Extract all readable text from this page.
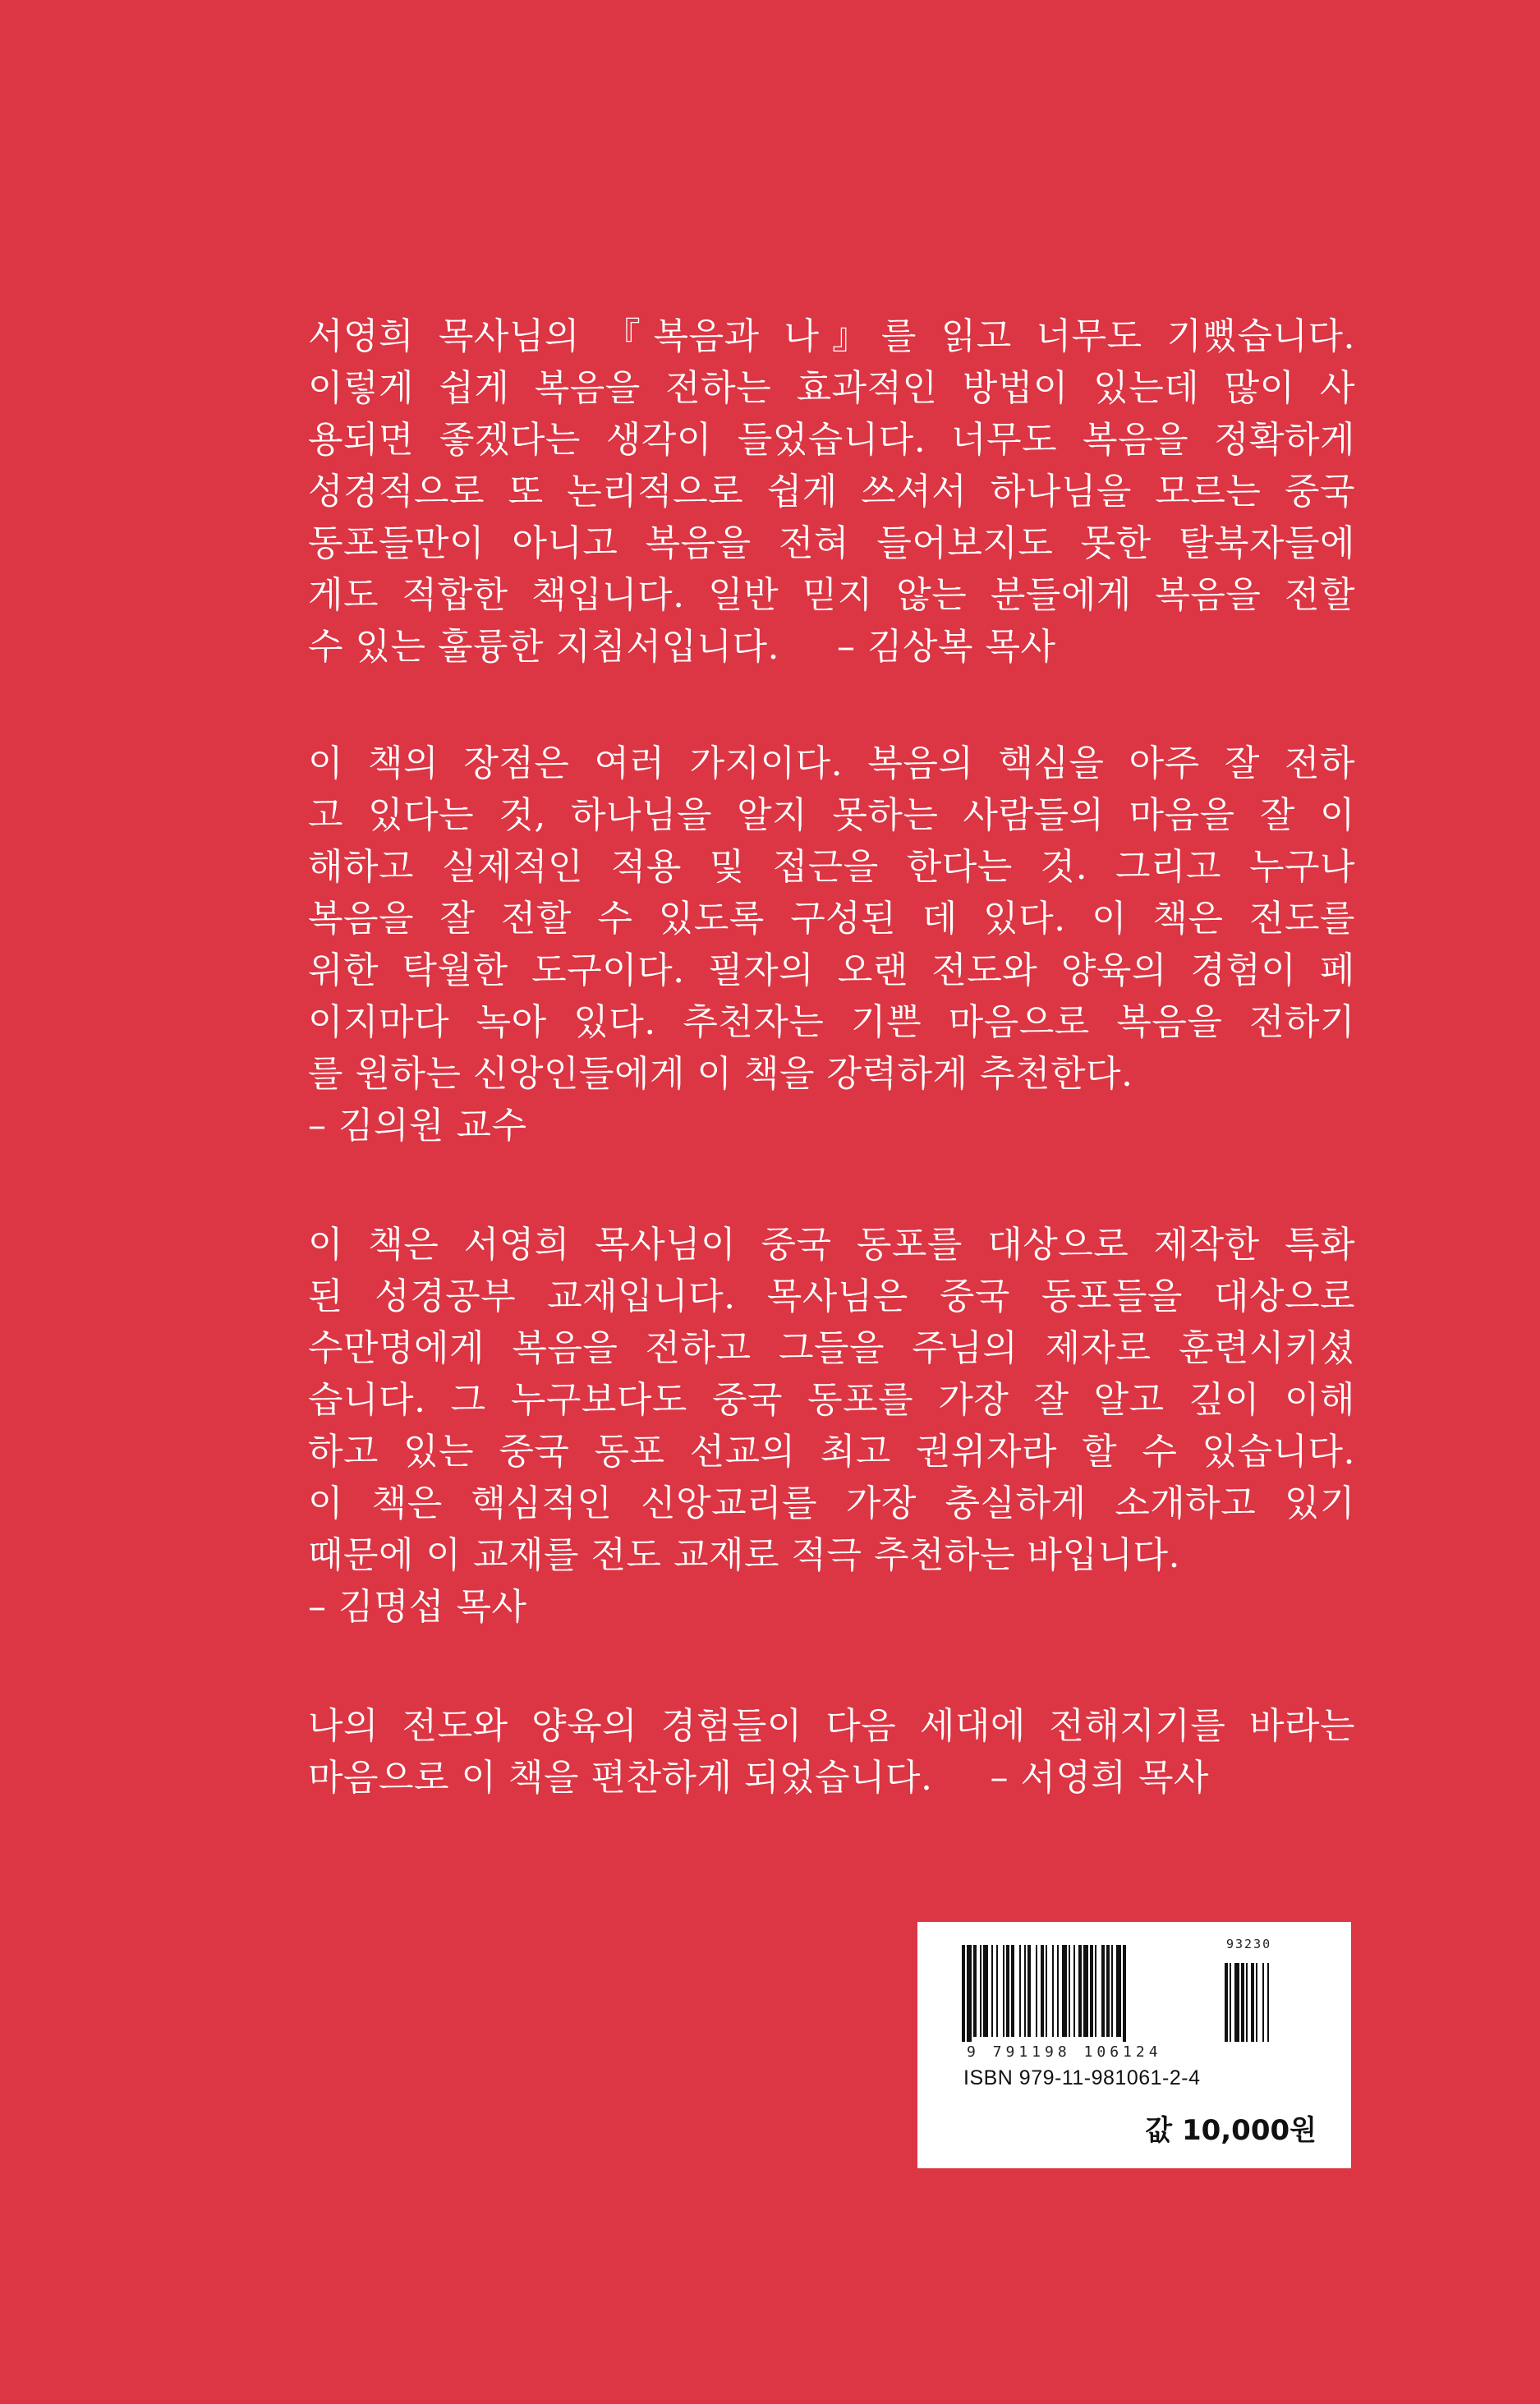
서영희 목사님의 『복음과 나』를 읽고 너무도 기뻤습니다.
이렇게 쉽게 복음을 전하는 효과적인 방법이 있는데 많이 사
용되면 좋겠다는 생각이 들었습니다. 너무도 복음을 정확하게
성경적으로 또 논리적으로 쉽게 쓰셔서 하나님을 모르는 중국
동포들만이 아니고 복음을 전혀 들어보지도 못한 탈북자들에
게도 적합한 책입니다. 일반 믿지 않는 분들에게 복음을 전할
수 있는 훌륭한 지침서입니다. – 김상복 목사
이 책의 장점은 여러 가지이다. 복음의 핵심을 아주 잘 전하
고 있다는 것, 하나님을 알지 못하는 사람들의 마음을 잘 이
해하고 실제적인 적용 및 접근을 한다는 것. 그리고 누구나
복음을 잘 전할 수 있도록 구성된 데 있다. 이 책은 전도를
위한 탁월한 도구이다. 필자의 오랜 전도와 양육의 경험이 페
이지마다 녹아 있다. 추천자는 기쁜 마음으로 복음을 전하기
를 원하는 신앙인들에게 이 책을 강력하게 추천한다.
– 김의원 교수
이 책은 서영희 목사님이 중국 동포를 대상으로 제작한 특화
된 성경공부 교재입니다. 목사님은 중국 동포들을 대상으로
수만명에게 복음을 전하고 그들을 주님의 제자로 훈련시키셨
습니다. 그 누구보다도 중국 동포를 가장 잘 알고 깊이 이해
하고 있는 중국 동포 선교의 최고 권위자라 할 수 있습니다.
이 책은 핵심적인 신앙교리를 가장 충실하게 소개하고 있기
때문에 이 교재를 전도 교재로 적극 추천하는 바입니다.
– 김명섭 목사
나의 전도와 양육의 경험들이 다음 세대에 전해지기를 바라는
마음으로 이 책을 편찬하게 되었습니다. – 서영희 목사
93230
9 791198 106124
ISBN 979-11-981061-2-4
값 10,000원
